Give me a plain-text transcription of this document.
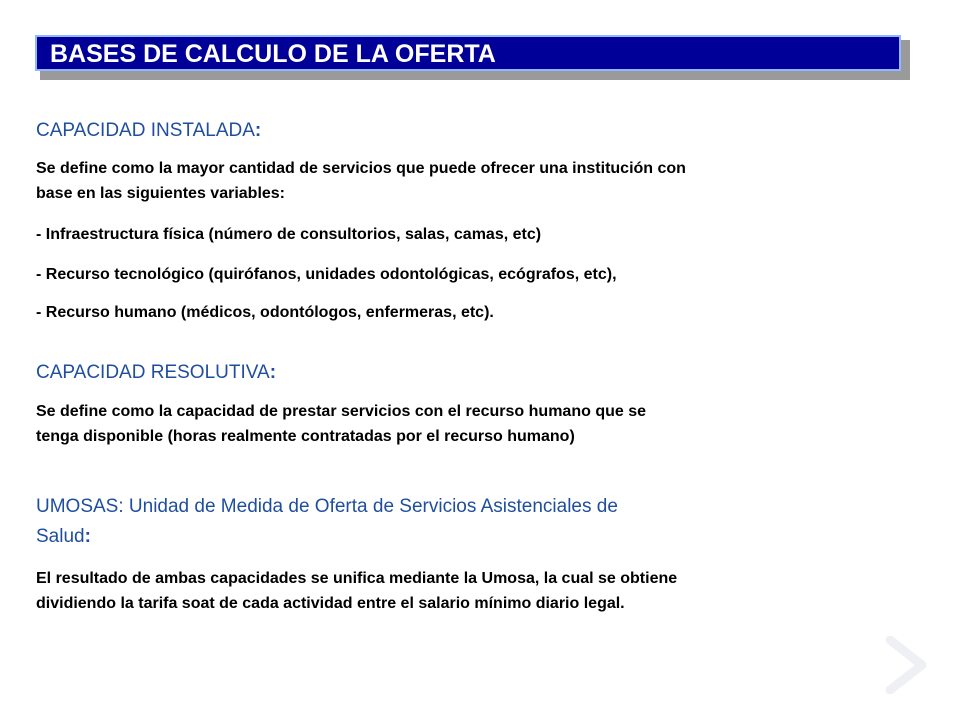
BASES DE CALCULO DE LA OFERTA
CAPACIDAD INSTALADA:
Se define como la mayor cantidad de servicios que puede ofrecer una institución con
base en las siguientes variables:
- Infraestructura física (número de consultorios, salas, camas, etc)
- Recurso tecnológico (quirófanos, unidades odontológicas, ecógrafos, etc),
- Recurso humano (médicos, odontólogos, enfermeras, etc).
CAPACIDAD RESOLUTIVA:
Se define como la capacidad de prestar servicios con el recurso humano que se
tenga disponible (horas realmente contratadas por el recurso humano)
UMOSAS: Unidad de Medida de Oferta de Servicios Asistenciales de
Salud:
El resultado de ambas capacidades se unifica mediante la Umosa, la cual se obtiene
dividiendo la tarifa soat de cada actividad entre el salario mínimo diario legal.
